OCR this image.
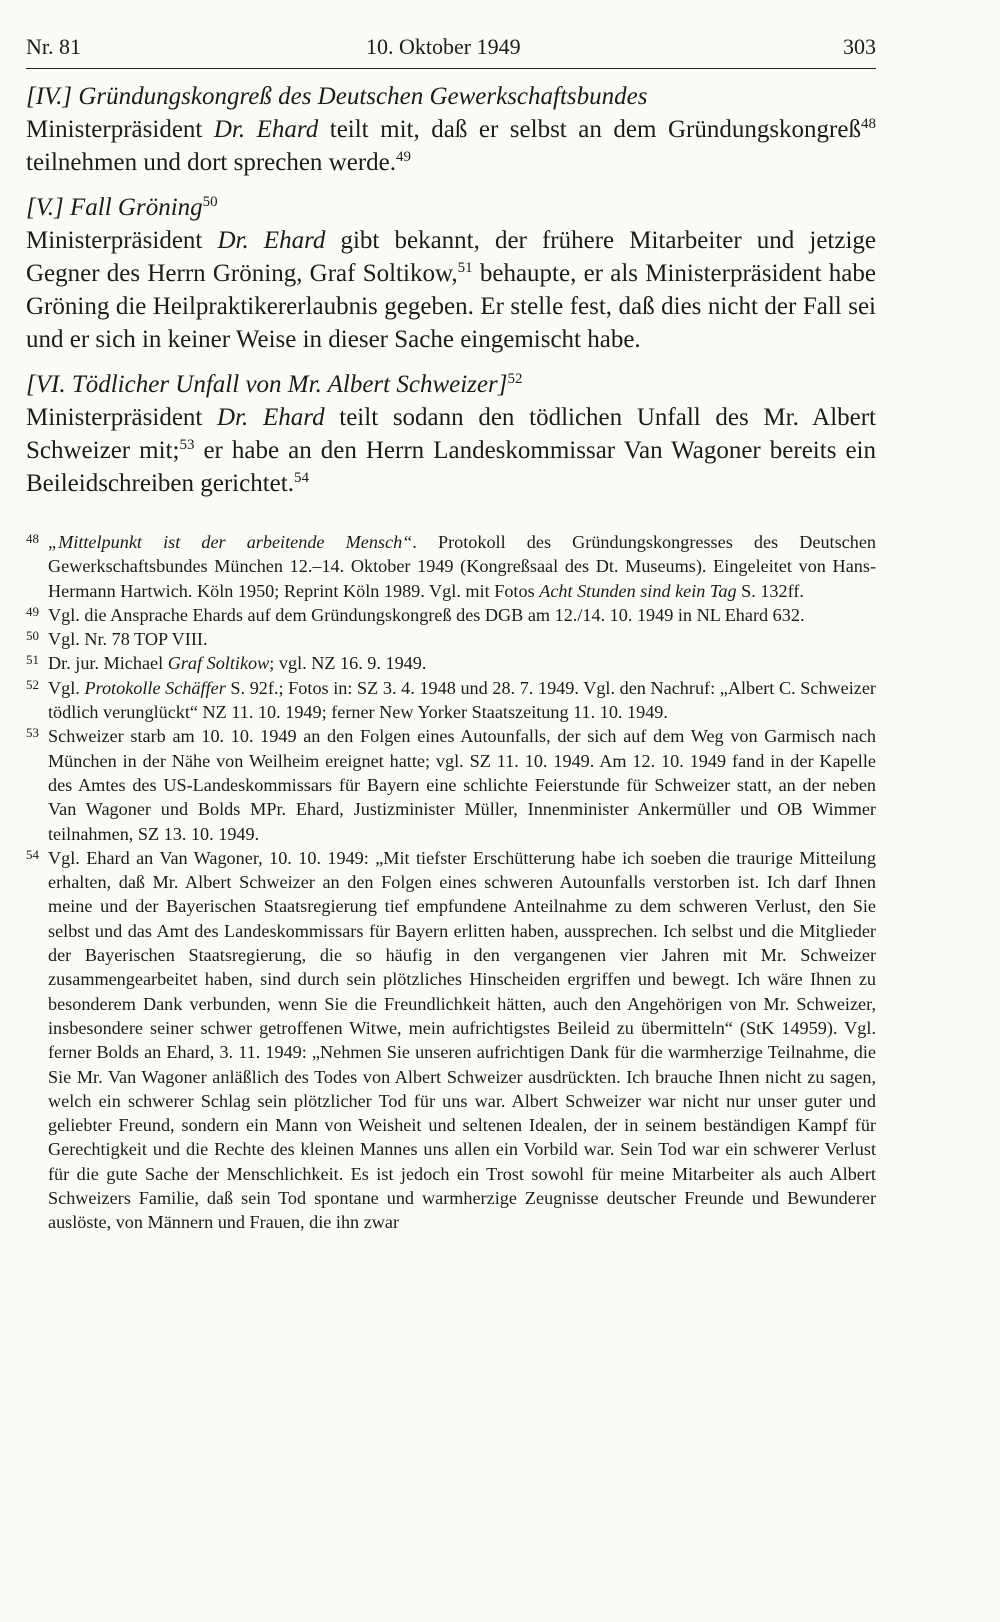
Nr. 81	10. Oktober 1949	303

[IV.] Gründungskongreß des Deutschen Gewerkschaftsbundes

Ministerpräsident Dr. Ehard teilt mit, daß er selbst an dem Gründungskongreß$^{48}$ teilnehmen und dort sprechen werde.$^{49}$

[V.] Fall Gröning$^{50}$

Ministerpräsident Dr. Ehard gibt bekannt, der frühere Mitarbeiter und jetzige Gegner des Herrn Gröning, Graf Soltikow,$^{51}$ behaupte, er als Ministerpräsident habe Gröning die Heilpraktikererlaubnis gegeben. Er stelle fest, daß dies nicht der Fall sei und er sich in keiner Weise in dieser Sache eingemischt habe.

[VI. Tödlicher Unfall von Mr. Albert Schweizer]$^{52}$

Ministerpräsident Dr. Ehard teilt sodann den tödlichen Unfall des Mr. Albert Schweizer mit;$^{53}$ er habe an den Herrn Landeskommissar Van Wagoner bereits ein Beileidschreiben gerichtet.$^{54}$

48 „Mittelpunkt ist der arbeitende Mensch“. Protokoll des Gründungskongresses des Deutschen Gewerkschaftsbundes München 12.–14. Oktober 1949 (Kongreßsaal des Dt. Museums). Eingeleitet von Hans-Hermann Hartwich. Köln 1950; Reprint Köln 1989. Vgl. mit Fotos Acht Stunden sind kein Tag S. 132ff.

49 Vgl. die Ansprache Ehards auf dem Gründungskongreß des DGB am 12./14. 10. 1949 in NL Ehard 632.

50 Vgl. Nr. 78 TOP VIII.

51 Dr. jur. Michael Graf Soltikow; vgl. NZ 16. 9. 1949.

52 Vgl. Protokolle Schäffer S. 92f.; Fotos in: SZ 3. 4. 1948 und 28. 7. 1949. Vgl. den Nachruf: „Albert C. Schweizer tödlich verunglückt“ NZ 11. 10. 1949; ferner New Yorker Staatszeitung 11. 10. 1949.

53 Schweizer starb am 10. 10. 1949 an den Folgen eines Autounfalls, der sich auf dem Weg von Garmisch nach München in der Nähe von Weilheim ereignet hatte; vgl. SZ 11. 10. 1949. Am 12. 10. 1949 fand in der Kapelle des Amtes des US-Landeskommissars für Bayern eine schlichte Feierstunde für Schweizer statt, an der neben Van Wagoner und Bolds MPr. Ehard, Justizminister Müller, Innenminister Ankermüller und OB Wimmer teilnahmen, SZ 13. 10. 1949.

54 Vgl. Ehard an Van Wagoner, 10. 10. 1949: „Mit tiefster Erschütterung habe ich soeben die traurige Mitteilung erhalten, daß Mr. Albert Schweizer an den Folgen eines schweren Autounfalls verstorben ist. Ich darf Ihnen meine und der Bayerischen Staatsregierung tief empfundene Anteilnahme zu dem schweren Verlust, den Sie selbst und das Amt des Landeskommissars für Bayern erlitten haben, aussprechen. Ich selbst und die Mitglieder der Bayerischen Staatsregierung, die so häufig in den vergangenen vier Jahren mit Mr. Schweizer zusammengearbeitet haben, sind durch sein plötzliches Hinscheiden ergriffen und bewegt. Ich wäre Ihnen zu besonderem Dank verbunden, wenn Sie die Freundlichkeit hätten, auch den Angehörigen von Mr. Schweizer, insbesondere seiner schwer getroffenen Witwe, mein aufrichtigstes Beileid zu übermitteln“ (StK 14959). Vgl. ferner Bolds an Ehard, 3. 11. 1949: „Nehmen Sie unseren aufrichtigen Dank für die warmherzige Teilnahme, die Sie Mr. Van Wagoner anläßlich des Todes von Albert Schweizer ausdrückten. Ich brauche Ihnen nicht zu sagen, welch ein schwerer Schlag sein plötzlicher Tod für uns war. Albert Schweizer war nicht nur unser guter und geliebter Freund, sondern ein Mann von Weisheit und seltenen Idealen, der in seinem beständigen Kampf für Gerechtigkeit und die Rechte des kleinen Mannes uns allen ein Vorbild war. Sein Tod war ein schwerer Verlust für die gute Sache der Menschlichkeit. Es ist jedoch ein Trost sowohl für meine Mitarbeiter als auch Albert Schweizers Familie, daß sein Tod spontane und warmherzige Zeugnisse deutscher Freunde und Bewunderer auslöste, von Männern und Frauen, die ihn zwar
